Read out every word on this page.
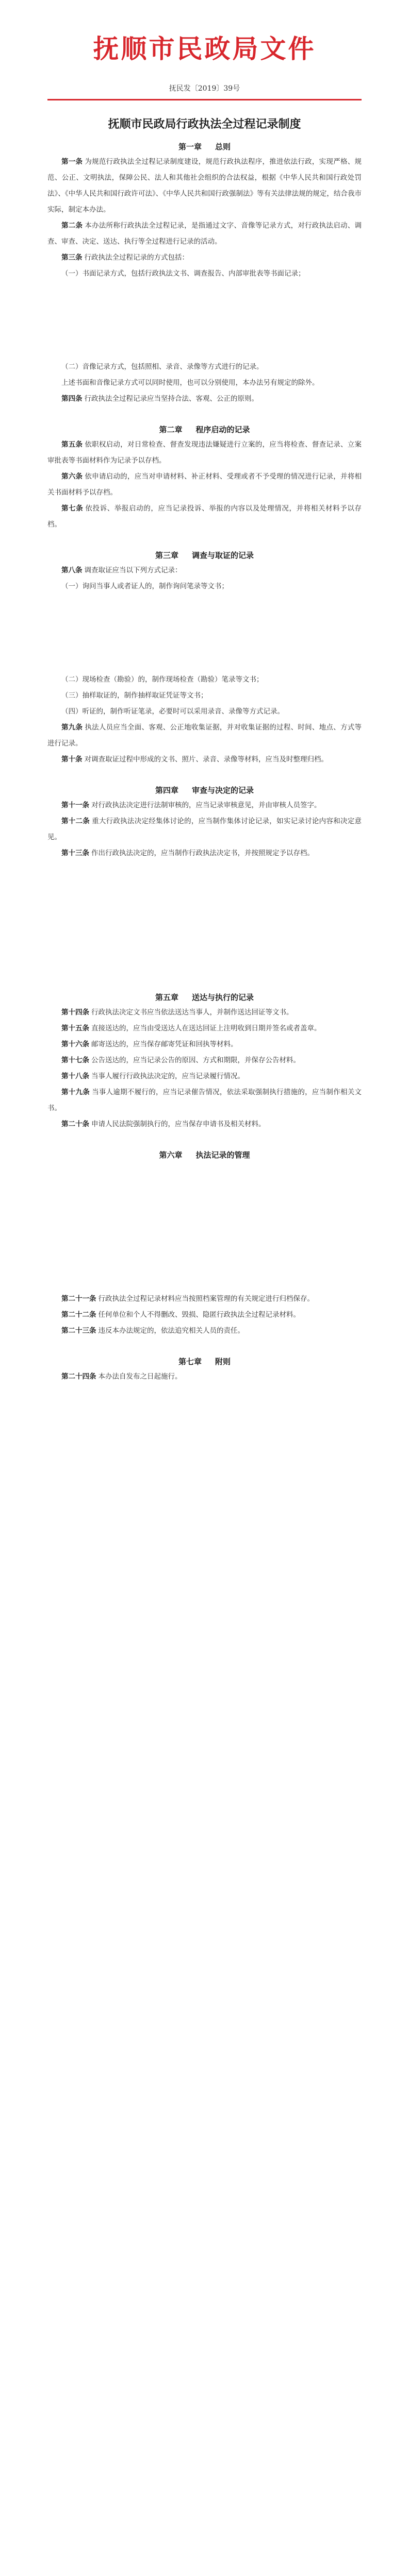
抚顺市民政局文件
抚民发〔2019〕39号
抚顺市民政局行政执法全过程记录制度
第一章 总则

第一条 为规范行政执法全过程记录制度建设，规范行政执法程序，推进依法行政，实现严格、规范、公正、文明执法，保障公民、法人和其他社会组织的合法权益，根据《中华人民共和国行政处罚法》、《中华人民共和国行政许可法》、《中华人民共和国行政强制法》等有关法律法规的规定，结合我市实际，制定本办法。

第二条 本办法所称行政执法全过程记录，是指通过文字、音像等记录方式，对行政执法启动、调查、审查、决定、送达、执行等全过程进行记录的活动。

第三条 行政执法全过程记录的方式包括：

（一）书面记录方式，包括行政执法文书、调查报告、内部审批表等书面记录；

（二）音像记录方式，包括照相、录音、录像等方式进行的记录。

上述书面和音像记录方式可以同时使用，也可以分别使用，本办法另有规定的除外。

第四条 行政执法全过程记录应当坚持合法、客观、公正的原则。

第二章 程序启动的记录

第五条 依职权启动，对日常检查、督查发现违法嫌疑进行立案的，应当将检查、督查记录、立案审批表等书面材料作为记录予以存档。

第六条 依申请启动的，应当对申请材料、补正材料、受理或者不予受理的情况进行记录，并将相关书面材料予以存档。

第七条 依投诉、举报启动的，应当记录投诉、举报的内容以及处理情况，并将相关材料予以存档。

第三章 调查与取证的记录

第八条 调查取证应当以下列方式记录：

（一）询问当事人或者证人的，制作询问笔录等文书；

（二）现场检查（勘验）的，制作现场检查（勘验）笔录等文书；

（三）抽样取证的，制作抽样取证凭证等文书；

（四）听证的，制作听证笔录，必要时可以采用录音、录像等方式记录。

第九条 执法人员应当全面、客观、公正地收集证据，并对收集证据的过程、时间、地点、方式等进行记录。

第十条 对调查取证过程中形成的文书、照片、录音、录像等材料，应当及时整理归档。

第四章 审查与决定的记录

第十一条 对行政执法决定进行法制审核的，应当记录审核意见，并由审核人员签字。

第十二条 重大行政执法决定经集体讨论的，应当制作集体讨论记录，如实记录讨论内容和决定意见。

第十三条 作出行政执法决定的，应当制作行政执法决定书，并按照规定予以存档。

第五章 送达与执行的记录

第十四条 行政执法决定文书应当依法送达当事人，并制作送达回证等文书。

第十五条 直接送达的，应当由受送达人在送达回证上注明收到日期并签名或者盖章。

第十六条 邮寄送达的，应当保存邮寄凭证和回执等材料。

第十七条 公告送达的，应当记录公告的原因、方式和期限，并保存公告材料。

第十八条 当事人履行行政执法决定的，应当记录履行情况。

第十九条 当事人逾期不履行的，应当记录催告情况，依法采取强制执行措施的，应当制作相关文书。

第二十条 申请人民法院强制执行的，应当保存申请书及相关材料。

第六章 执法记录的管理

第二十一条 行政执法全过程记录材料应当按照档案管理的有关规定进行归档保存。

第二十二条 任何单位和个人不得删改、毁损、隐匿行政执法全过程记录材料。

第二十三条 违反本办法规定的，依法追究相关人员的责任。

第七章 附则

第二十四条 本办法自发布之日起施行。
